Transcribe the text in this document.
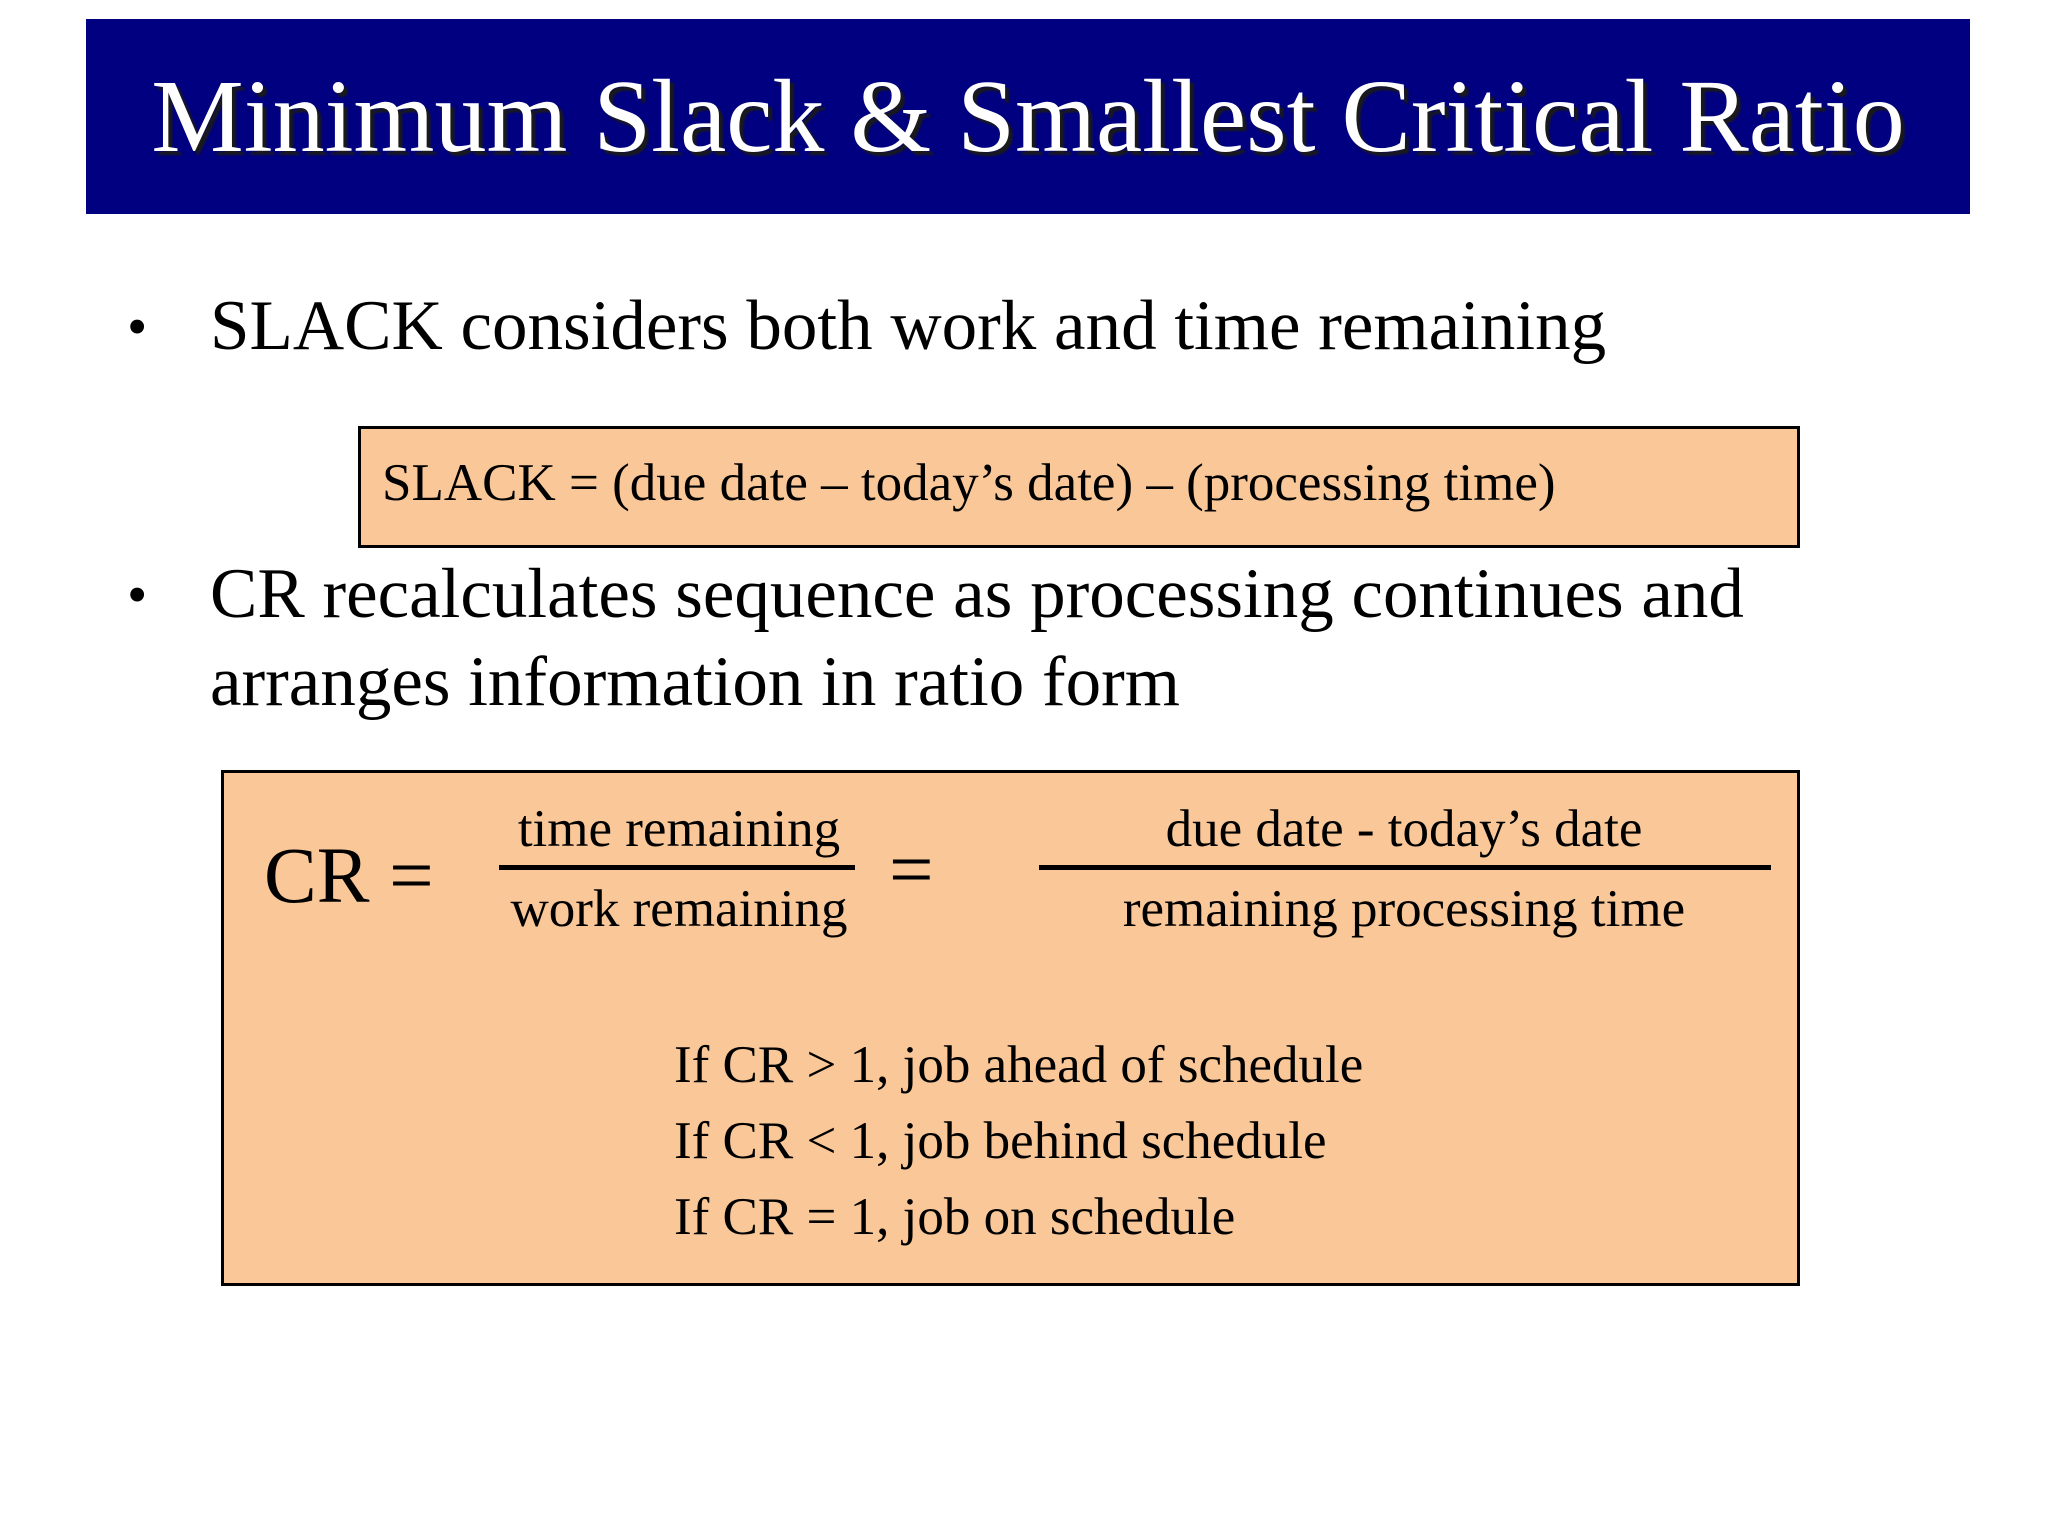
Minimum Slack & Smallest Critical Ratio
• SLACK considers both work and time remaining
SLACK = (due date – today’s date) – (processing time)
• CR recalculates sequence as processing continues and
arranges information in ratio form
CR =
time remaining
work remaining =	due date - today’s date
remaining processing time
If CR > 1, job ahead of schedule
If CR < 1, job behind schedule
If CR = 1, job on schedule
